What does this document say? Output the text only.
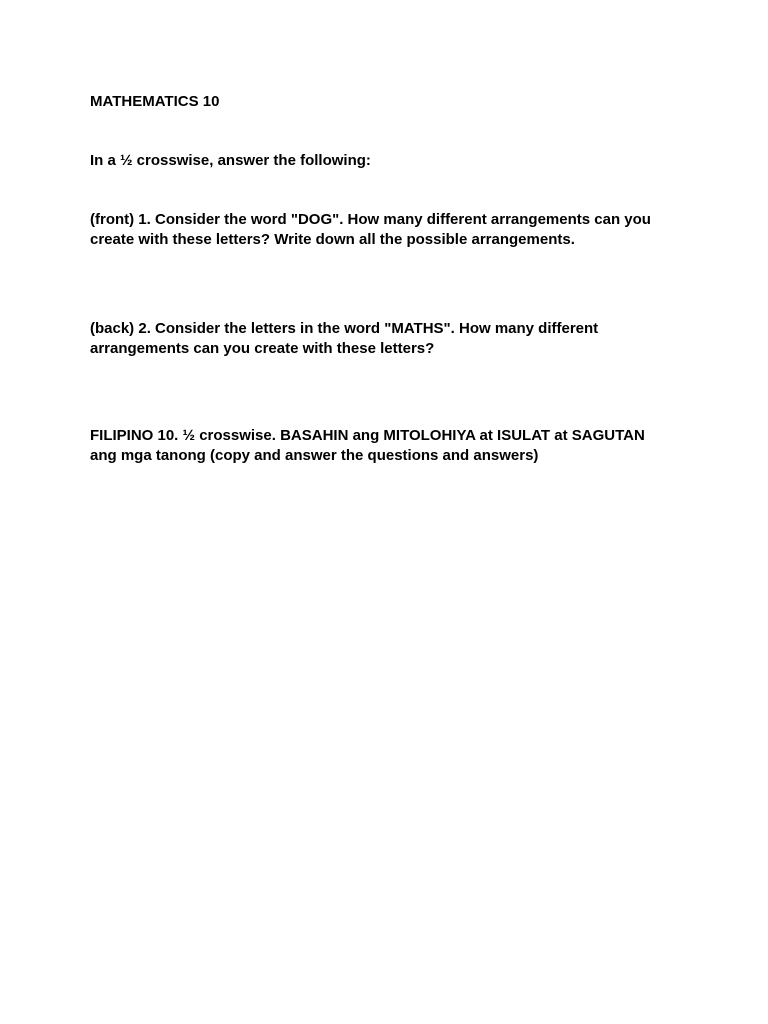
MATHEMATICS 10

In a ½ crosswise, answer the following:

(front) 1. Consider the word "DOG". How many different arrangements can you
create with these letters? Write down all the possible arrangements.

(back) 2. Consider the letters in the word "MATHS". How many different
arrangements can you create with these letters?

FILIPINO 10. ½ crosswise. BASAHIN ang MITOLOHIYA at ISULAT at SAGUTAN
ang mga tanong (copy and answer the questions and answers)
